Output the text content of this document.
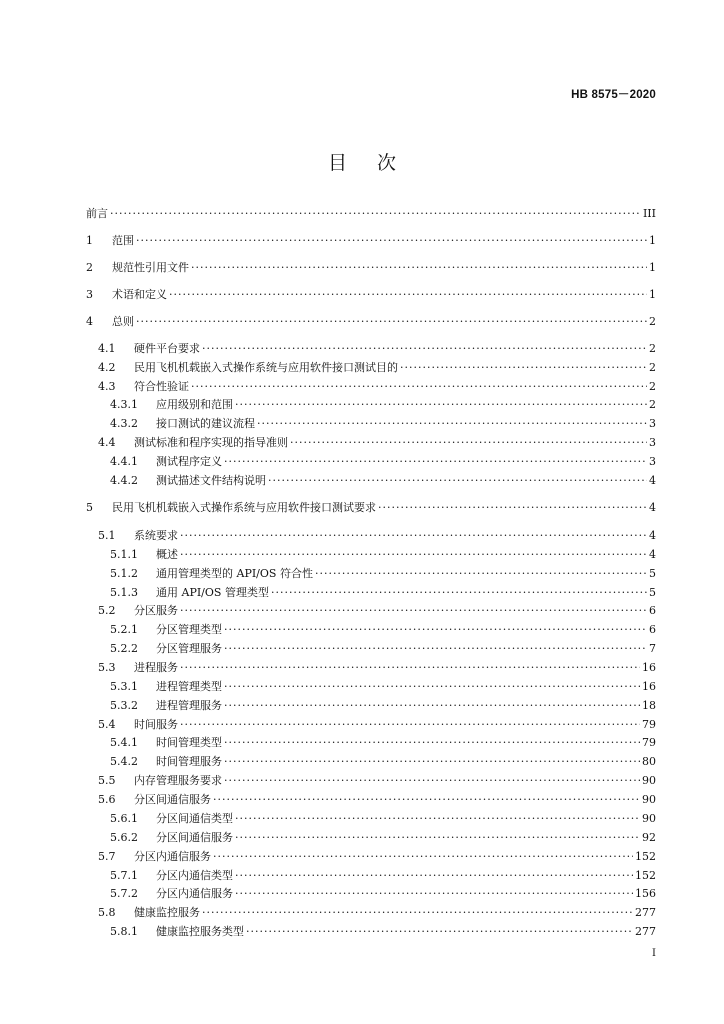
HB 8575－2020
目次
前言 ·····	III
1	范围 ·····	1
2	规范性引用文件 ·····	1
3	术语和定义 ·····	1
4	总则 ·····	2
4.1	硬件平台要求 ·····	2
4.2	民用飞机机载嵌入式操作系统与应用软件接口测试目的 ·····	2
4.3	符合性验证 ·····	2
4.3.1	应用级别和范围 ·····	2
4.3.2	接口测试的建议流程 ·····	3
4.4	测试标准和程序实现的指导准则 ·····	3
4.4.1	测试程序定义 ·····	3
4.4.2	测试描述文件结构说明 ·····	4
5	民用飞机机载嵌入式操作系统与应用软件接口测试要求 ·····	4
5.1	系统要求 ·····	4
5.1.1	概述 ·····	4
5.1.2	通用管理类型的 API/OS 符合性 ·····	5
5.1.3	通用 API/OS 管理类型 ·····	5
5.2	分区服务 ·····	6
5.2.1	分区管理类型 ·····	6
5.2.2	分区管理服务 ·····	7
5.3	进程服务 ·····	16
5.3.1	进程管理类型 ·····	16
5.3.2	进程管理服务 ·····	18
5.4	时间服务 ·····	79
5.4.1	时间管理类型 ·····	79
5.4.2	时间管理服务 ·····	80
5.5	内存管理服务要求 ·····	90
5.6	分区间通信服务 ·····	90
5.6.1	分区间通信类型 ·····	90
5.6.2	分区间通信服务 ·····	92
5.7	分区内通信服务 ·····	152
5.7.1	分区内通信类型 ·····	152
5.7.2	分区内通信服务 ·····	156
5.8	健康监控服务 ·····	277
5.8.1	健康监控服务类型 ·····	277
I
